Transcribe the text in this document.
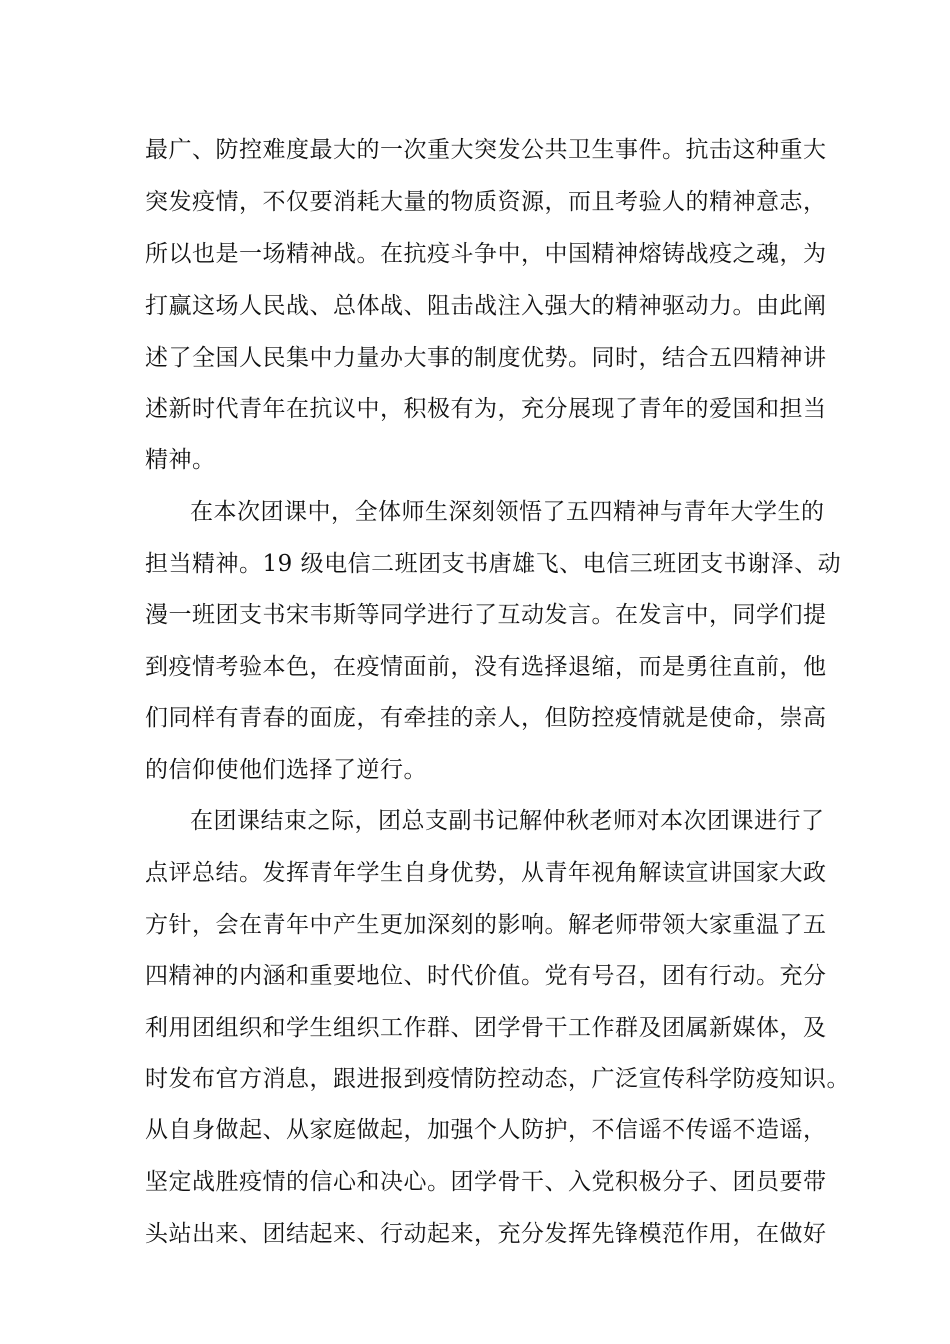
最广、防控难度最大的一次重大突发公共卫生事件。抗击这种重大
突发疫情，不仅要消耗大量的物质资源，而且考验人的精神意志，
所以也是一场精神战。在抗疫斗争中，中国精神熔铸战疫之魂，为
打赢这场人民战、总体战、阻击战注入强大的精神驱动力。由此阐
述了全国人民集中力量办大事的制度优势。同时，结合五四精神讲
述新时代青年在抗议中，积极有为，充分展现了青年的爱国和担当
精神。
在本次团课中，全体师生深刻领悟了五四精神与青年大学生的
担当精神。19 级电信二班团支书唐雄飞、电信三班团支书谢泽、动
漫一班团支书宋韦斯等同学进行了互动发言。在发言中，同学们提
到疫情考验本色，在疫情面前，没有选择退缩，而是勇往直前，他
们同样有青春的面庞，有牵挂的亲人，但防控疫情就是使命，崇高
的信仰使他们选择了逆行。
在团课结束之际，团总支副书记解仲秋老师对本次团课进行了
点评总结。发挥青年学生自身优势，从青年视角解读宣讲国家大政
方针，会在青年中产生更加深刻的影响。解老师带领大家重温了五
四精神的内涵和重要地位、时代价值。党有号召，团有行动。充分
利用团组织和学生组织工作群、团学骨干工作群及团属新媒体，及
时发布官方消息，跟进报到疫情防控动态，广泛宣传科学防疫知识。
从自身做起、从家庭做起，加强个人防护，不信谣不传谣不造谣，
坚定战胜疫情的信心和决心。团学骨干、入党积极分子、团员要带
头站出来、团结起来、行动起来，充分发挥先锋模范作用，在做好
